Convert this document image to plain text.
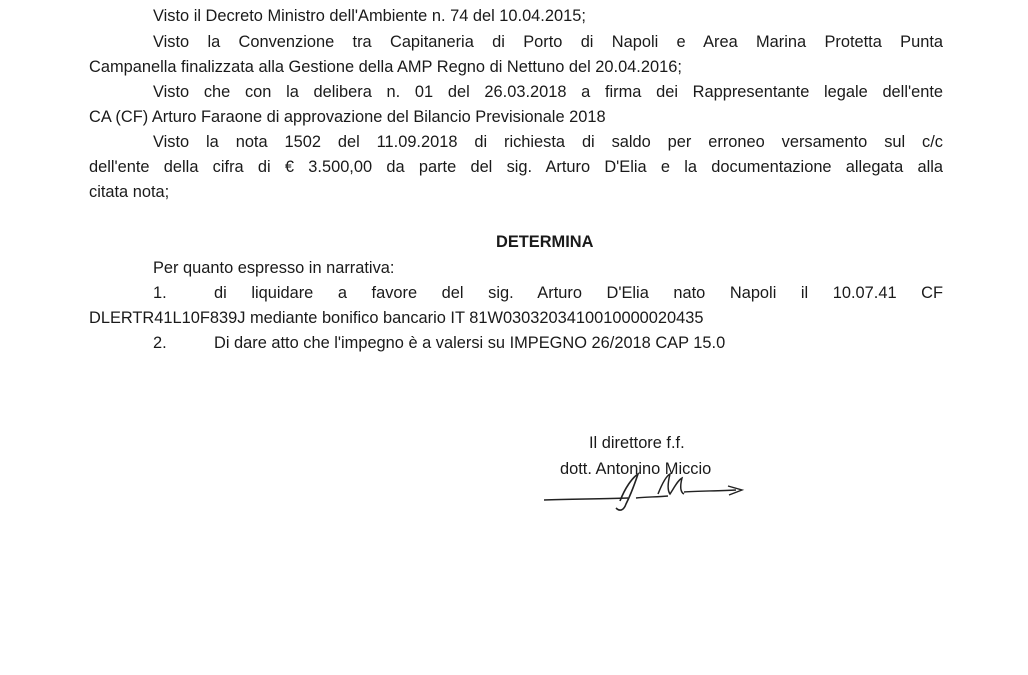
Visto il Decreto Ministro dell'Ambiente n. 74 del 10.04.2015;
Visto la Convenzione tra Capitaneria di Porto di Napoli e Area Marina Protetta Punta
Campanella finalizzata alla Gestione della AMP Regno di Nettuno del 20.04.2016;
Visto che con la delibera n. 01 del 26.03.2018 a firma dei Rappresentante legale dell'ente
CA (CF) Arturo Faraone di approvazione del Bilancio Previsionale 2018
Visto la nota 1502 del 11.09.2018 di richiesta di saldo per erroneo versamento sul c/c
dell'ente della cifra di € 3.500,00 da parte del sig. Arturo D'Elia e la documentazione allegata alla
citata nota;
DETERMINA
Per quanto espresso in narrativa:
1.	di liquidare a favore del sig. Arturo D'Elia nato Napoli il 10.07.41 CF
DLERTR41L10F839J mediante bonifico bancario IT 81W0303203410010000020435
2.	Di dare atto che l'impegno è a valersi su IMPEGNO 26/2018 CAP 15.0
Il direttore f.f.
dott. Antonino Miccio
